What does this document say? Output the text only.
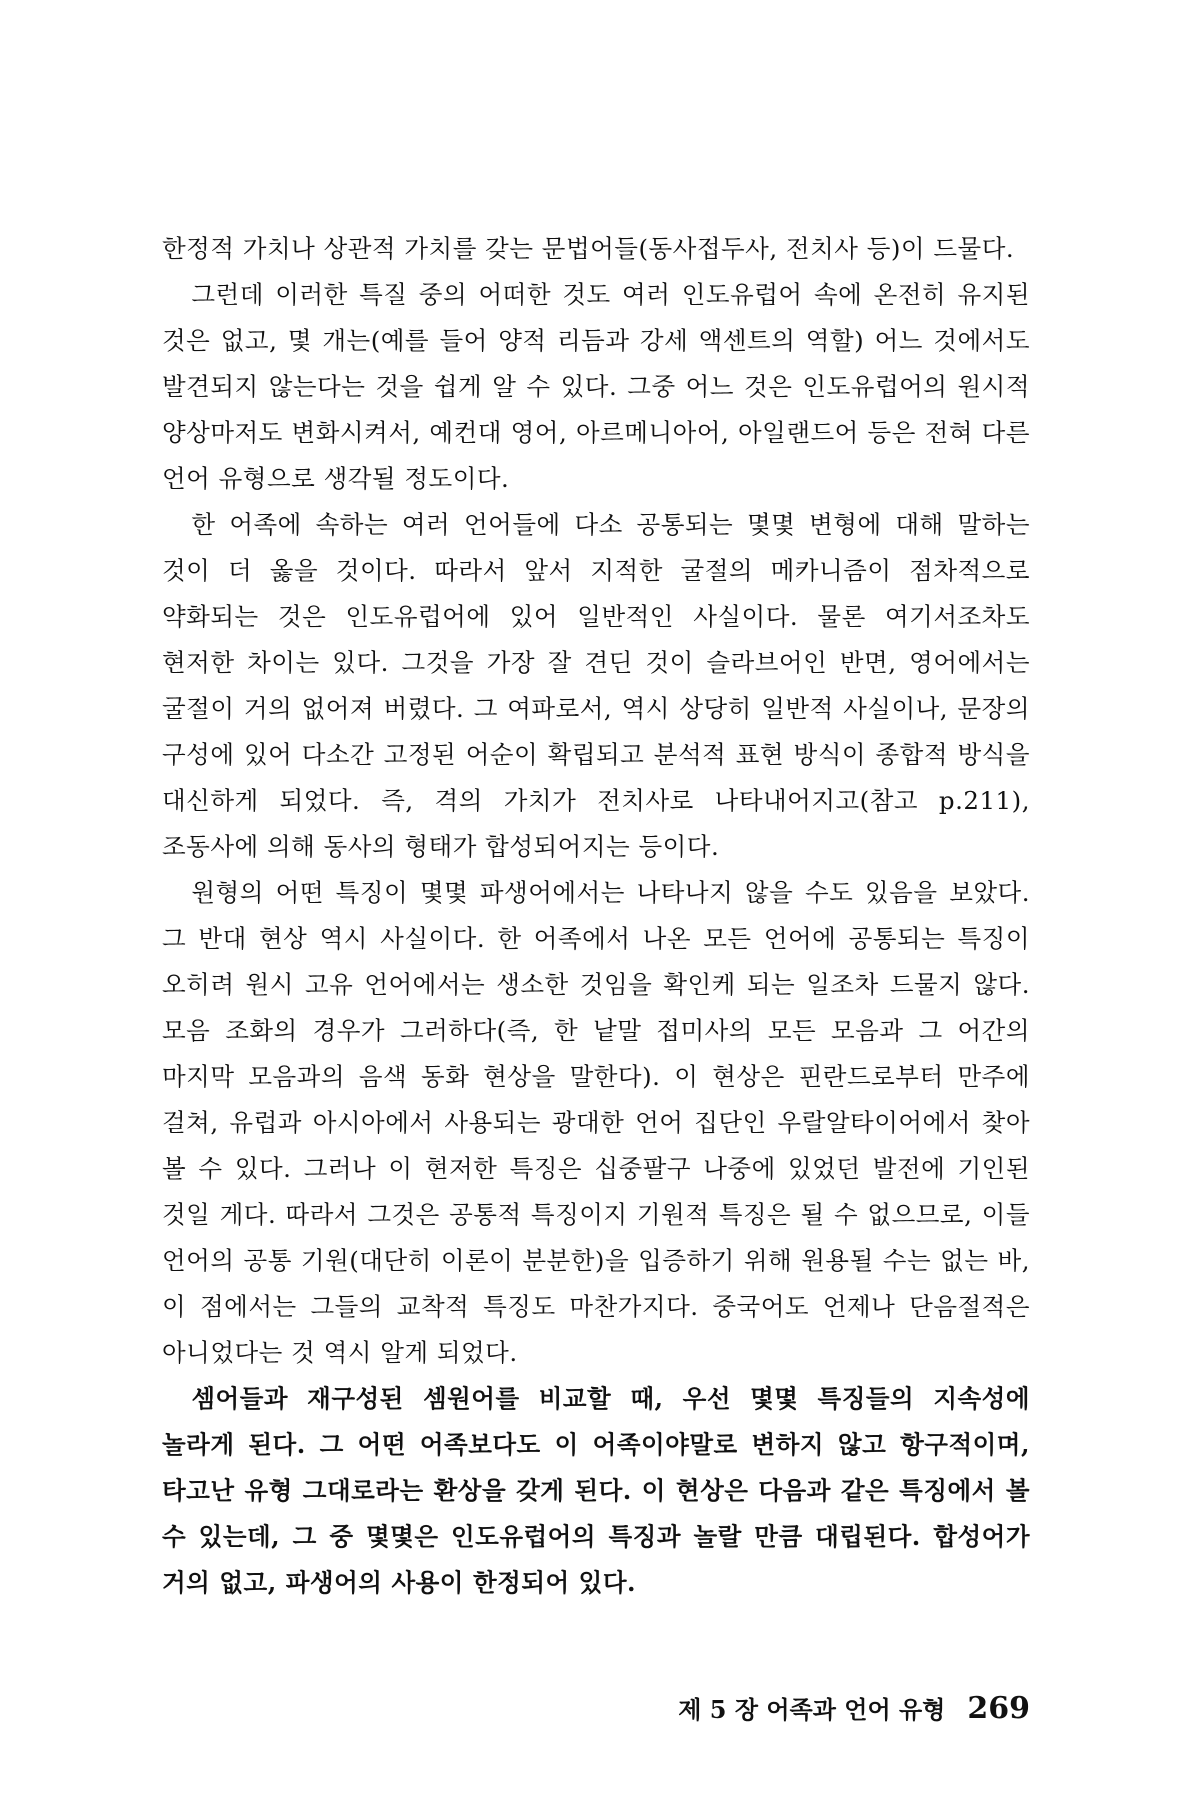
한정적 가치나 상관적 가치를 갖는 문법어들(동사접두사, 전치사 등)이 드물다.

그런데 이러한 특질 중의 어떠한 것도 여러 인도유럽어 속에 온전히 유지된 것은 없고, 몇 개는(예를 들어 양적 리듬과 강세 액센트의 역할) 어느 것에서도 발견되지 않는다는 것을 쉽게 알 수 있다. 그중 어느 것은 인도유럽어의 원시적 양상마저도 변화시켜서, 예컨대 영어, 아르메니아어, 아일랜드어 등은 전혀 다른 언어 유형으로 생각될 정도이다.

한 어족에 속하는 여러 언어들에 다소 공통되는 몇몇 변형에 대해 말하는 것이 더 옳을 것이다. 따라서 앞서 지적한 굴절의 메카니즘이 점차적으로 약화되는 것은 인도유럽어에 있어 일반적인 사실이다. 물론 여기서조차도 현저한 차이는 있다. 그것을 가장 잘 견딘 것이 슬라브어인 반면, 영어에서는 굴절이 거의 없어져 버렸다. 그 여파로서, 역시 상당히 일반적 사실이나, 문장의 구성에 있어 다소간 고정된 어순이 확립되고 분석적 표현 방식이 종합적 방식을 대신하게 되었다. 즉, 격의 가치가 전치사로 나타내어지고(참고 p.211), 조동사에 의해 동사의 형태가 합성되어지는 등이다.

원형의 어떤 특징이 몇몇 파생어에서는 나타나지 않을 수도 있음을 보았다. 그 반대 현상 역시 사실이다. 한 어족에서 나온 모든 언어에 공통되는 특징이 오히려 원시 고유 언어에서는 생소한 것임을 확인케 되는 일조차 드물지 않다. 모음 조화의 경우가 그러하다(즉, 한 낱말 접미사의 모든 모음과 그 어간의 마지막 모음과의 음색 동화 현상을 말한다). 이 현상은 핀란드로부터 만주에 걸쳐, 유럽과 아시아에서 사용되는 광대한 언어 집단인 우랄알타이어에서 찾아 볼 수 있다. 그러나 이 현저한 특징은 십중팔구 나중에 있었던 발전에 기인된 것일 게다. 따라서 그것은 공통적 특징이지 기원적 특징은 될 수 없으므로, 이들 언어의 공통 기원(대단히 이론이 분분한)을 입증하기 위해 원용될 수는 없는 바, 이 점에서는 그들의 교착적 특징도 마찬가지다. 중국어도 언제나 단음절적은 아니었다는 것 역시 알게 되었다.

셈어들과 재구성된 셈원어를 비교할 때, 우선 몇몇 특징들의 지속성에 놀라게 된다. 그 어떤 어족보다도 이 어족이야말로 변하지 않고 항구적이며, 타고난 유형 그대로라는 환상을 갖게 된다. 이 현상은 다음과 같은 특징에서 볼 수 있는데, 그 중 몇몇은 인도유럽어의 특징과 놀랄 만큼 대립된다. 합성어가 거의 없고, 파생어의 사용이 한정되어 있다.

제 5 장 어족과 언어 유형 269
